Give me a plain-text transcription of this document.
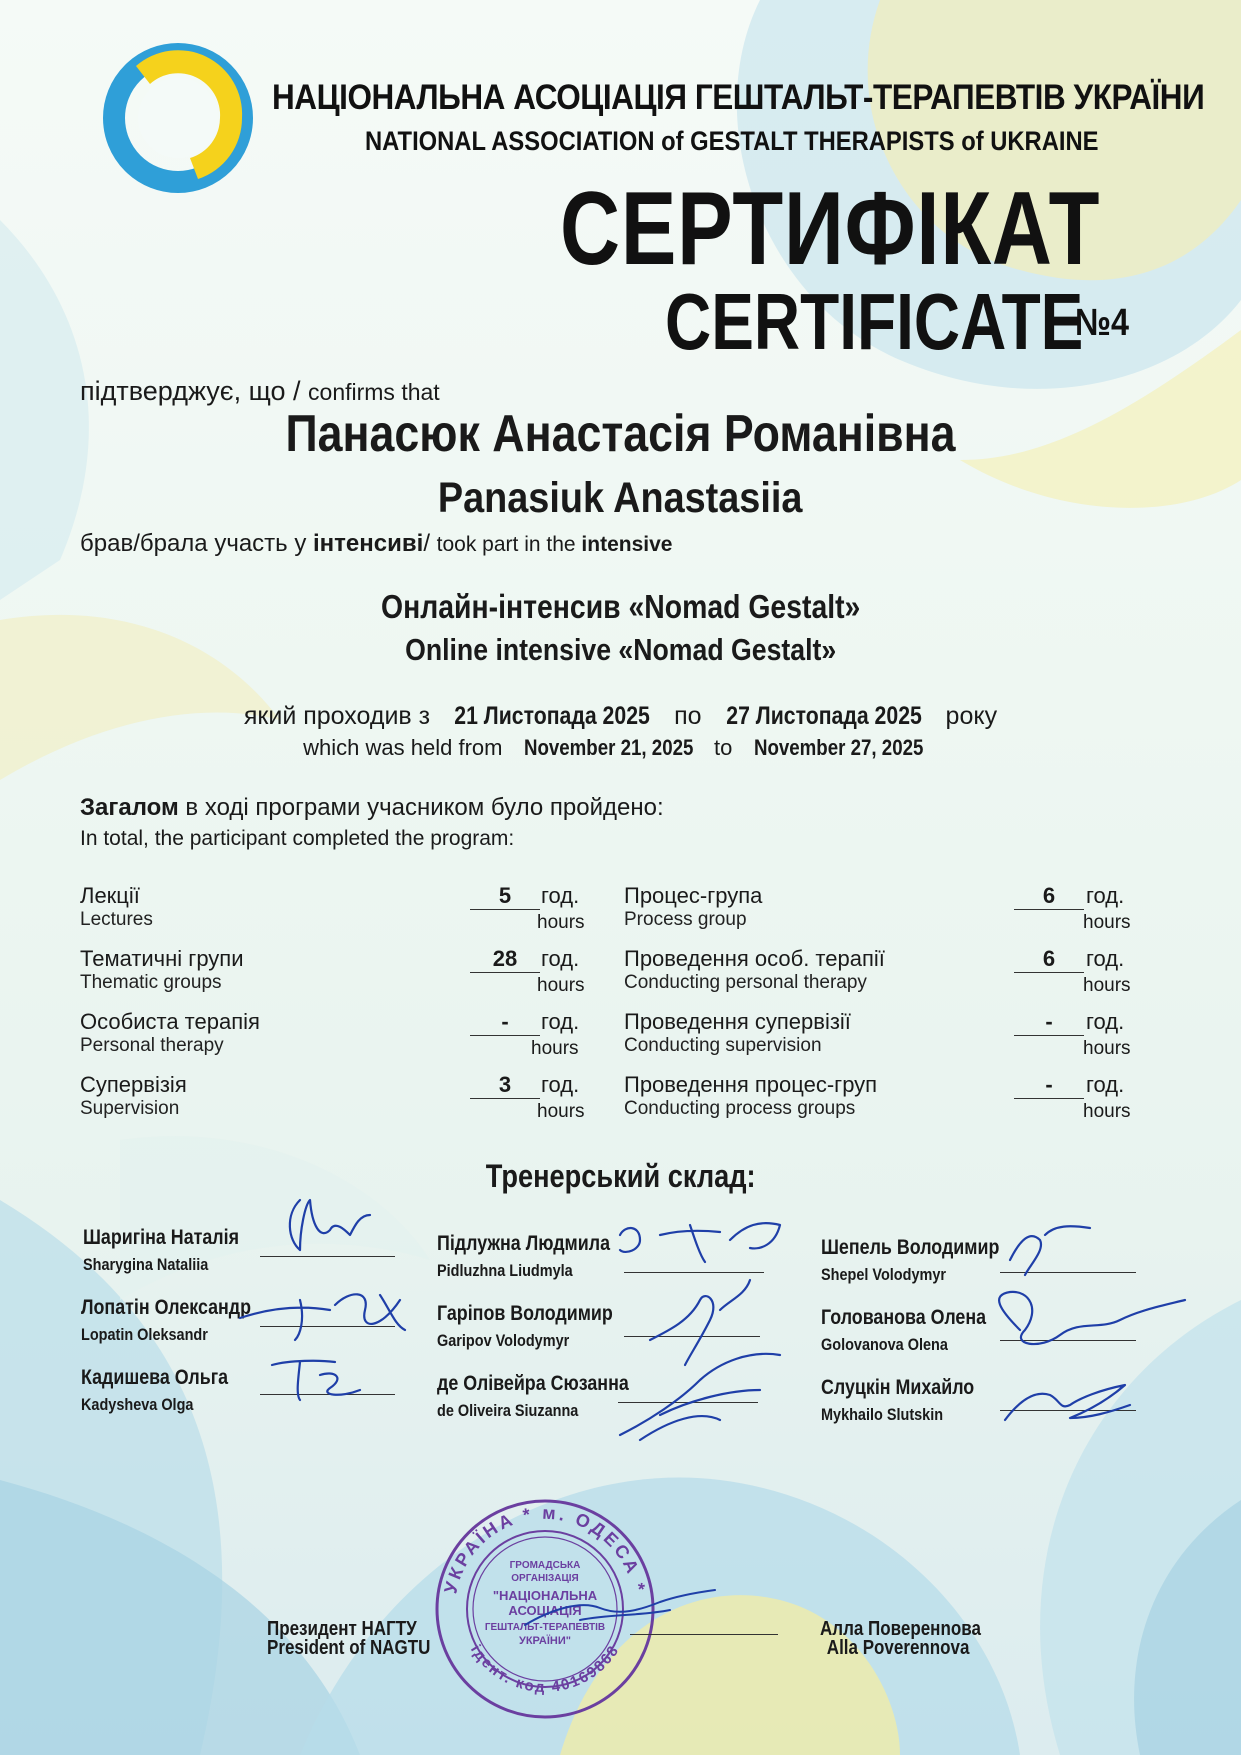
НАЦІОНАЛЬНА АСОЦІАЦІЯ ГЕШТАЛЬТ-ТЕРАПЕВТІВ УКРАЇНИ
NATIONAL ASSOCIATION of GESTALT THERAPISTS of UKRAINE
СЕРТИФІКАТ
CERTIFICATE
№4
підтверджує, що / confirms that
Панасюк Анастасія Романівна
Panasiuk Anastasiia
брав/брала участь у інтенсиві/ took part in the intensive
Онлайн-інтенсив «Nomad Gestalt»
Online intensive «Nomad Gestalt»
який проходив з 21 Листопада 2025 по 27 Листопада 2025 року
which was held from November 21, 2025 to November 27, 2025
Загалом в ході програми учасником було пройдено:
In total, the participant completed the program:
Лекції
Lectures
5	год.
hours
Тематичні групи
Thematic groups
28	год.
hours
Особиста терапія
Personal therapy
-	год.
hours
Супервізія
Supervision
3	год.
hours
Процес-група
Process group
6	год.
hours
Проведення особ. терапії
Conducting personal therapy
6	год.
hours
Проведення супервізії
Conducting supervision
-	год.
hours
Проведення процес-груп
Conducting process groups
-	год.
hours
Тренерський склад:
Шаригіна Наталія
Sharygina Nataliia
Лопатін Олександр
Lopatin Oleksandr
Кадишева Ольга
Kadysheva Olga
Підлужна Людмила
Pidluzhna Liudmyla
Гаріпов Володимир
Garipov Volodymyr
де Олівейра Сюзанна
de Oliveira Siuzanna
Шепель Володимир
Shepel Volodymyr
Голованова Олена
Golovanova Olena
Слуцкін Михайло
Mykhailo Slutskin
УКРАЇНА * м. ОДЕСА *
ідент. код 40169868
ГРОМАДСЬКА
ОРГАНІЗАЦІЯ
"НАЦІОНАЛЬНА
АСОЦІАЦІЯ
ГЕШТАЛЬТ-ТЕРАПЕВТІВ
УКРАЇНИ"
Президент НАГТУ
President of NAGTU
Алла Поверенnова
Alla Poverennova
